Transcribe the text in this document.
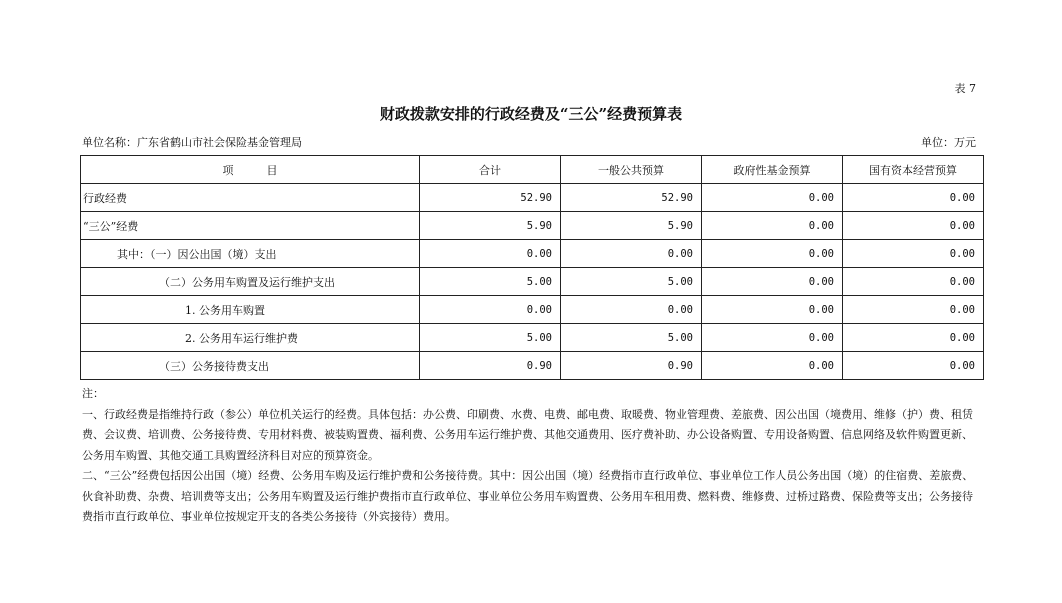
表 7
财政拨款安排的行政经费及“三公”经费预算表
单位名称：广东省鹤山市社会保险基金管理局	单位：万元
项　　　目	合计	一般公共预算	政府性基金预算	国有资本经营预算
行政经费	52.90	52.90	0.00	0.00
“三公”经费	5.90	5.90	0.00	0.00
其中：（一）因公出国（境）支出	0.00	0.00	0.00	0.00
（二）公务用车购置及运行维护支出	5.00	5.00	0.00	0.00
1. 公务用车购置	0.00	0.00	0.00	0.00
2. 公务用车运行维护费	5.00	5.00	0.00	0.00
（三）公务接待费支出	0.90	0.90	0.00	0.00

注：

一、行政经费是指维持行政（参公）单位机关运行的经费。具体包括：办公费、印刷费、水费、电费、邮电费、取暖费、物业管理费、差旅费、因公出国（境费用、维修（护）费、租赁费、会议费、培训费、公务接待费、专用材料费、被装购置费、福利费、公务用车运行维护费、其他交通费用、医疗费补助、办公设备购置、专用设备购置、信息网络及软件购置更新、公务用车购置、其他交通工具购置经济科目对应的预算资金。

二、“三公”经费包括因公出国（境）经费、公务用车购及运行维护费和公务接待费。其中：因公出国（境）经费指市直行政单位、事业单位工作人员公务出国（境）的住宿费、差旅费、伙食补助费、杂费、培训费等支出；公务用车购置及运行维护费指市直行政单位、事业单位公务用车购置费、公务用车租用费、燃料费、维修费、过桥过路费、保险费等支出；公务接待费指市直行政单位、事业单位按规定开支的各类公务接待（外宾接待）费用。
